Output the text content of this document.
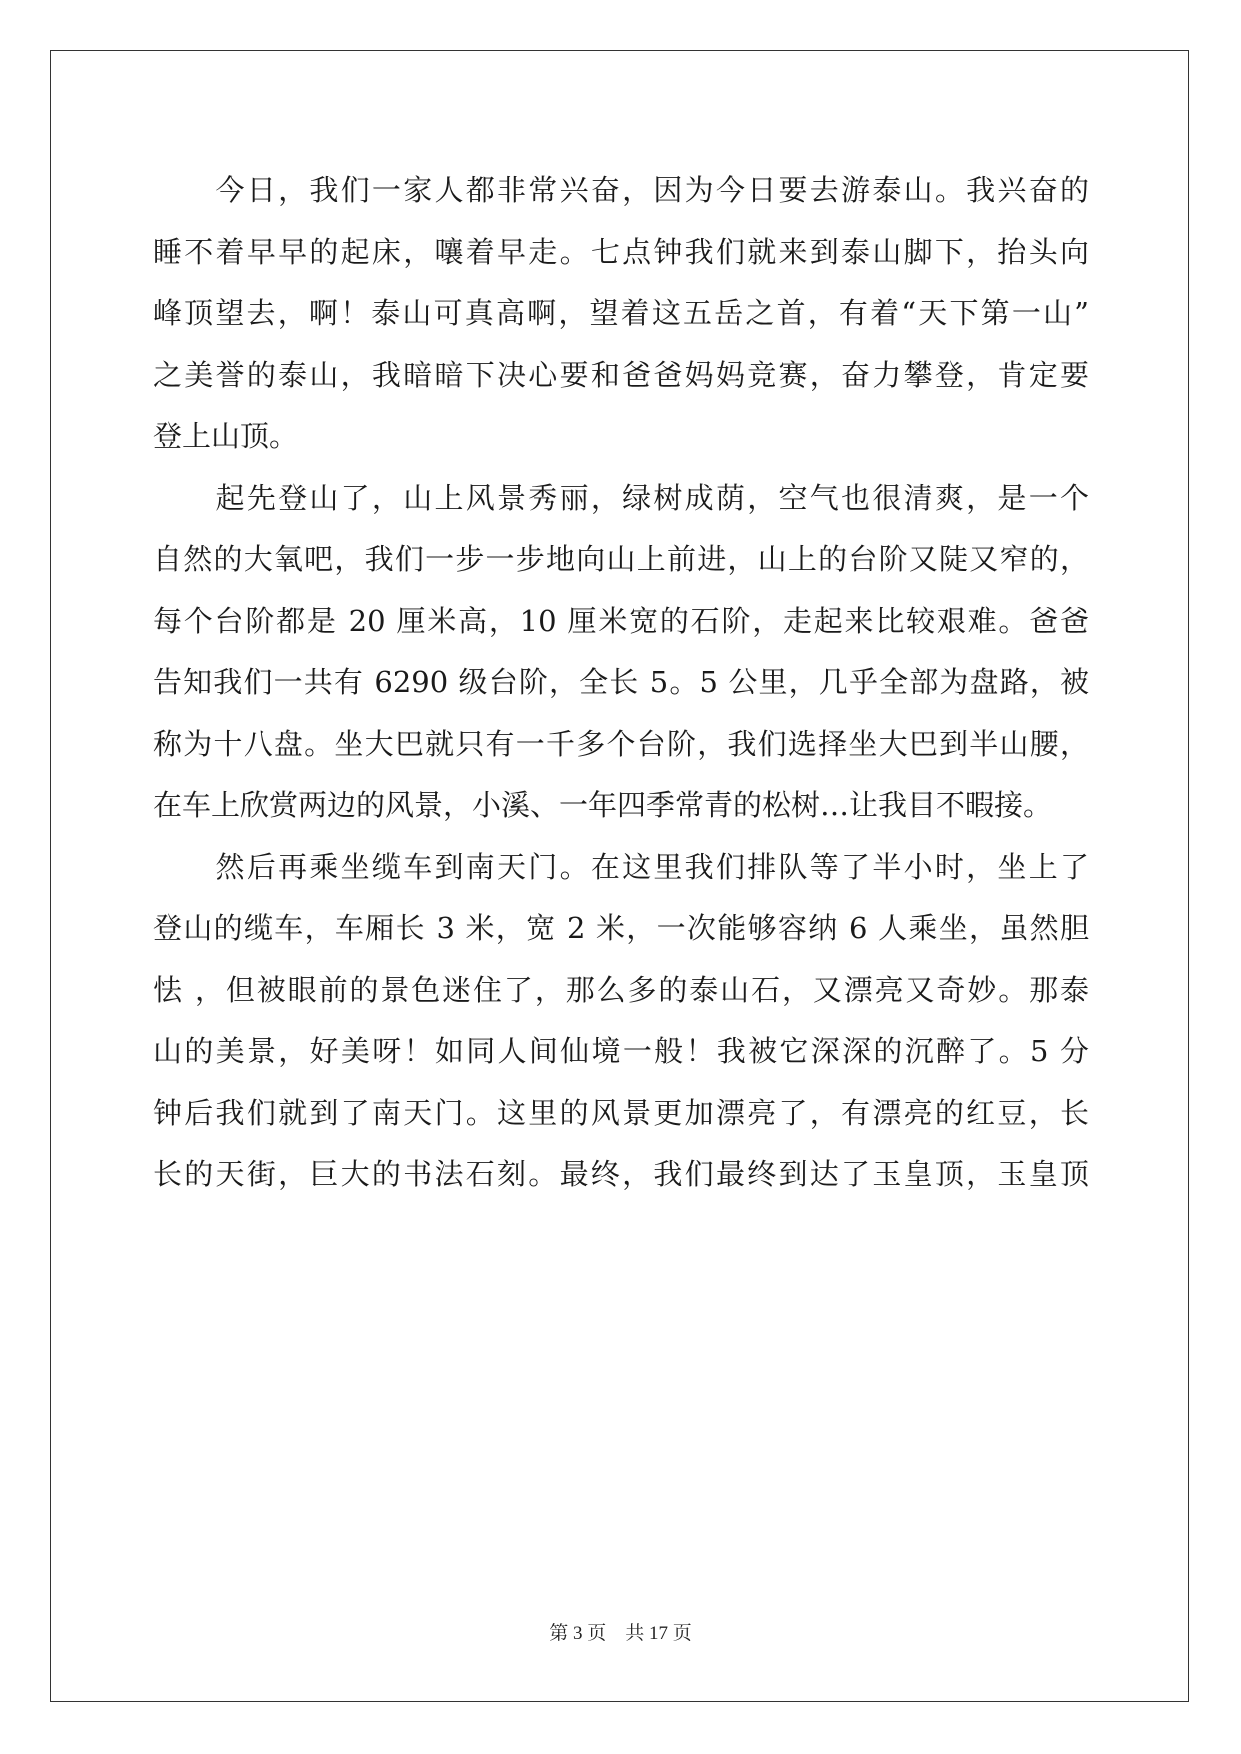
　　今日，我们一家人都非常兴奋，因为今日要去游泰山。我兴奋的
睡不着早早的起床，嚷着早走。七点钟我们就来到泰山脚下，抬头向
峰顶望去，啊！泰山可真高啊，望着这五岳之首，有着“天下第一山”
之美誉的泰山，我暗暗下决心要和爸爸妈妈竞赛，奋力攀登，肯定要
登上山顶。
　　起先登山了，山上风景秀丽，绿树成荫，空气也很清爽，是一个
自然的大氧吧，我们一步一步地向山上前进，山上的台阶又陡又窄的，
每个台阶都是 20 厘米高，10 厘米宽的石阶，走起来比较艰难。爸爸
告知我们一共有 6290 级台阶，全长 5。5 公里，几乎全部为盘路，被
称为十八盘。坐大巴就只有一千多个台阶，我们选择坐大巴到半山腰，
在车上欣赏两边的风景，小溪、一年四季常青的松树…让我目不暇接。
　　然后再乘坐缆车到南天门。在这里我们排队等了半小时，坐上了
登山的缆车，车厢长 3 米，宽 2 米，一次能够容纳 6 人乘坐，虽然胆
怯 ，但被眼前的景色迷住了，那么多的泰山石，又漂亮又奇妙。那泰
山的美景，好美呀！如同人间仙境一般！我被它深深的沉醉了。5 分
钟后我们就到了南天门。这里的风景更加漂亮了，有漂亮的红豆，长
长的天街，巨大的书法石刻。最终，我们最终到达了玉皇顶，玉皇顶
第 3 页 共 17 页
